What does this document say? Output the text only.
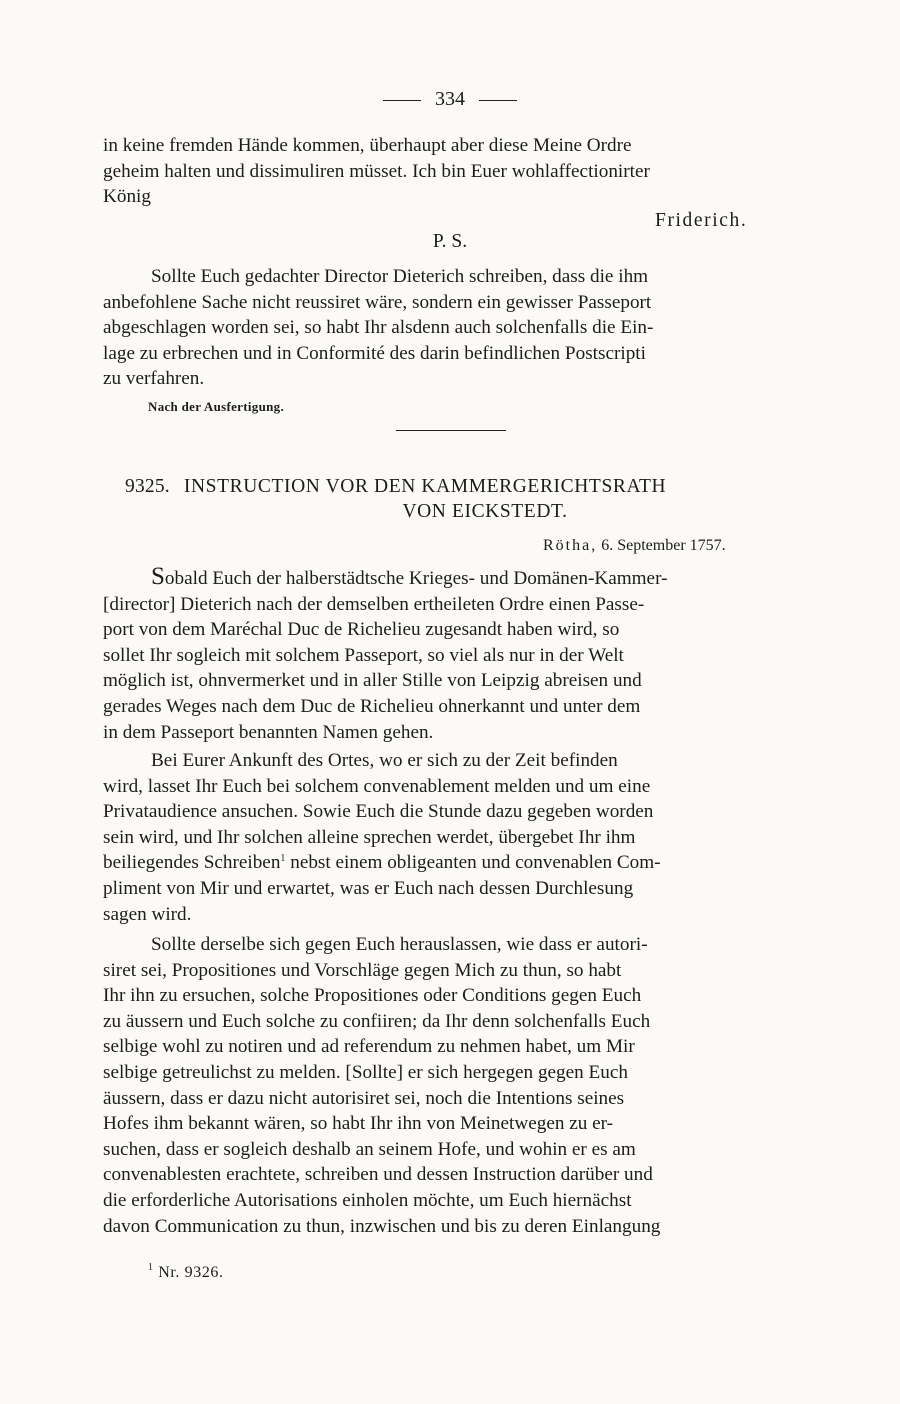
334
in keine fremden Hände kommen, überhaupt aber diese Meine Ordre
geheim halten und dissimuliren müsset. Ich bin Euer wohlaffectionirter
König
Friderich.
P. S.
Sollte Euch gedachter Director Dieterich schreiben, dass die ihm
anbefohlene Sache nicht reussiret wäre, sondern ein gewisser Passeport
abgeschlagen worden sei, so habt Ihr alsdenn auch solchenfalls die Ein-
lage zu erbrechen und in Conformité des darin befindlichen Postscripti
zu verfahren.
Nach der Ausfertigung.
9325. INSTRUCTION VOR DEN KAMMERGERICHTSRATH
VON EICKSTEDT.
Rötha, 6. September 1757.
Sobald Euch der halberstädtsche Krieges- und Domänen-Kammer-
[director] Dieterich nach der demselben ertheileten Ordre einen Passe-
port von dem Maréchal Duc de Richelieu zugesandt haben wird, so
sollet Ihr sogleich mit solchem Passeport, so viel als nur in der Welt
möglich ist, ohnvermerket und in aller Stille von Leipzig abreisen und
gerades Weges nach dem Duc de Richelieu ohnerkannt und unter dem
in dem Passeport benannten Namen gehen.
Bei Eurer Ankunft des Ortes, wo er sich zu der Zeit befinden
wird, lasset Ihr Euch bei solchem convenablement melden und um eine
Privataudience ansuchen. Sowie Euch die Stunde dazu gegeben worden
sein wird, und Ihr solchen alleine sprechen werdet, übergebet Ihr ihm
beiliegendes Schreiben$^1$ nebst einem obligeanten und convenablen Com-
pliment von Mir und erwartet, was er Euch nach dessen Durchlesung
sagen wird.
Sollte derselbe sich gegen Euch herauslassen, wie dass er autori-
siret sei, Propositiones und Vorschläge gegen Mich zu thun, so habt
Ihr ihn zu ersuchen, solche Propositiones oder Conditions gegen Euch
zu äussern und Euch solche zu confiiren; da Ihr denn solchenfalls Euch
selbige wohl zu notiren und ad referendum zu nehmen habet, um Mir
selbige getreulichst zu melden. [Sollte] er sich hergegen gegen Euch
äussern, dass er dazu nicht autorisiret sei, noch die Intentions seines
Hofes ihm bekannt wären, so habt Ihr ihn von Meinetwegen zu er-
suchen, dass er sogleich deshalb an seinem Hofe, und wohin er es am
convenablesten erachtete, schreiben und dessen Instruction darüber und
die erforderliche Autorisations einholen möchte, um Euch hiernächst
davon Communication zu thun, inzwischen und bis zu deren Einlangung
$^1$ Nr. 9326.
